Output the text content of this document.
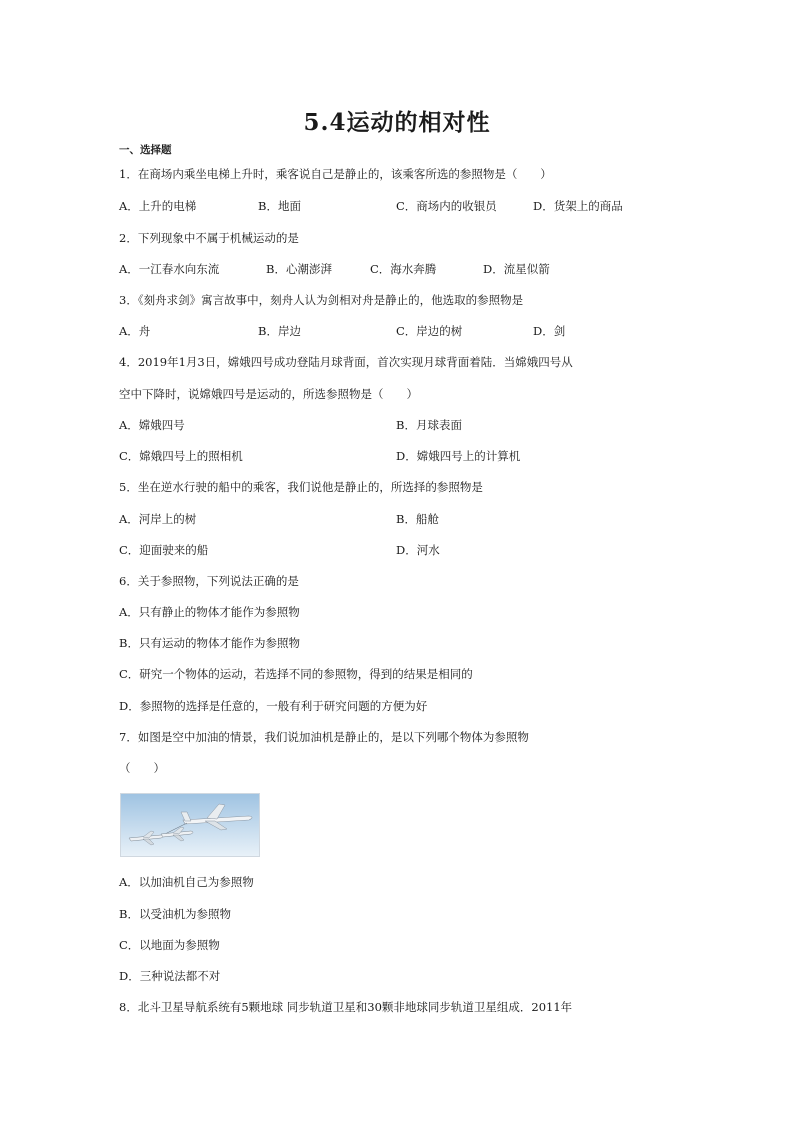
5.4运动的相对性
一、选择题
1．在商场内乘坐电梯上升时，乘客说自己是静止的，该乘客所选的参照物是（　　）
A．上升的电梯	B．地面	C．商场内的收银员	D．货架上的商品
2．下列现象中不属于机械运动的是
A．一江春水向东流	B．心潮澎湃	C．海水奔腾	D．流星似箭
3．《刻舟求剑》寓言故事中，刻舟人认为剑相对舟是静止的，他选取的参照物是
A．舟	B．岸边	C．岸边的树	D．剑
4．2019年1月3日，嫦娥四号成功登陆月球背面，首次实现月球背面着陆．当嫦娥四号从
空中下降时，说嫦娥四号是运动的，所选参照物是（　　）
A．嫦娥四号	B．月球表面
C．嫦娥四号上的照相机	D．嫦娥四号上的计算机
5．坐在逆水行驶的船中的乘客，我们说他是静止的，所选择的参照物是
A．河岸上的树	B．船舱
C．迎面驶来的船	D．河水
6．关于参照物，下列说法正确的是
A．只有静止的物体才能作为参照物
B．只有运动的物体才能作为参照物
C．研究一个物体的运动，若选择不同的参照物，得到的结果是相同的
D．参照物的选择是任意的，一般有利于研究问题的方便为好
7．如图是空中加油的情景，我们说加油机是静止的，是以下列哪个物体为参照物
（　　）
A．以加油机自己为参照物
B．以受油机为参照物
C．以地面为参照物
D．三种说法都不对
8．北斗卫星导航系统有5颗地球 同步轨道卫星和30颗非地球同步轨道卫星组成．2011年
